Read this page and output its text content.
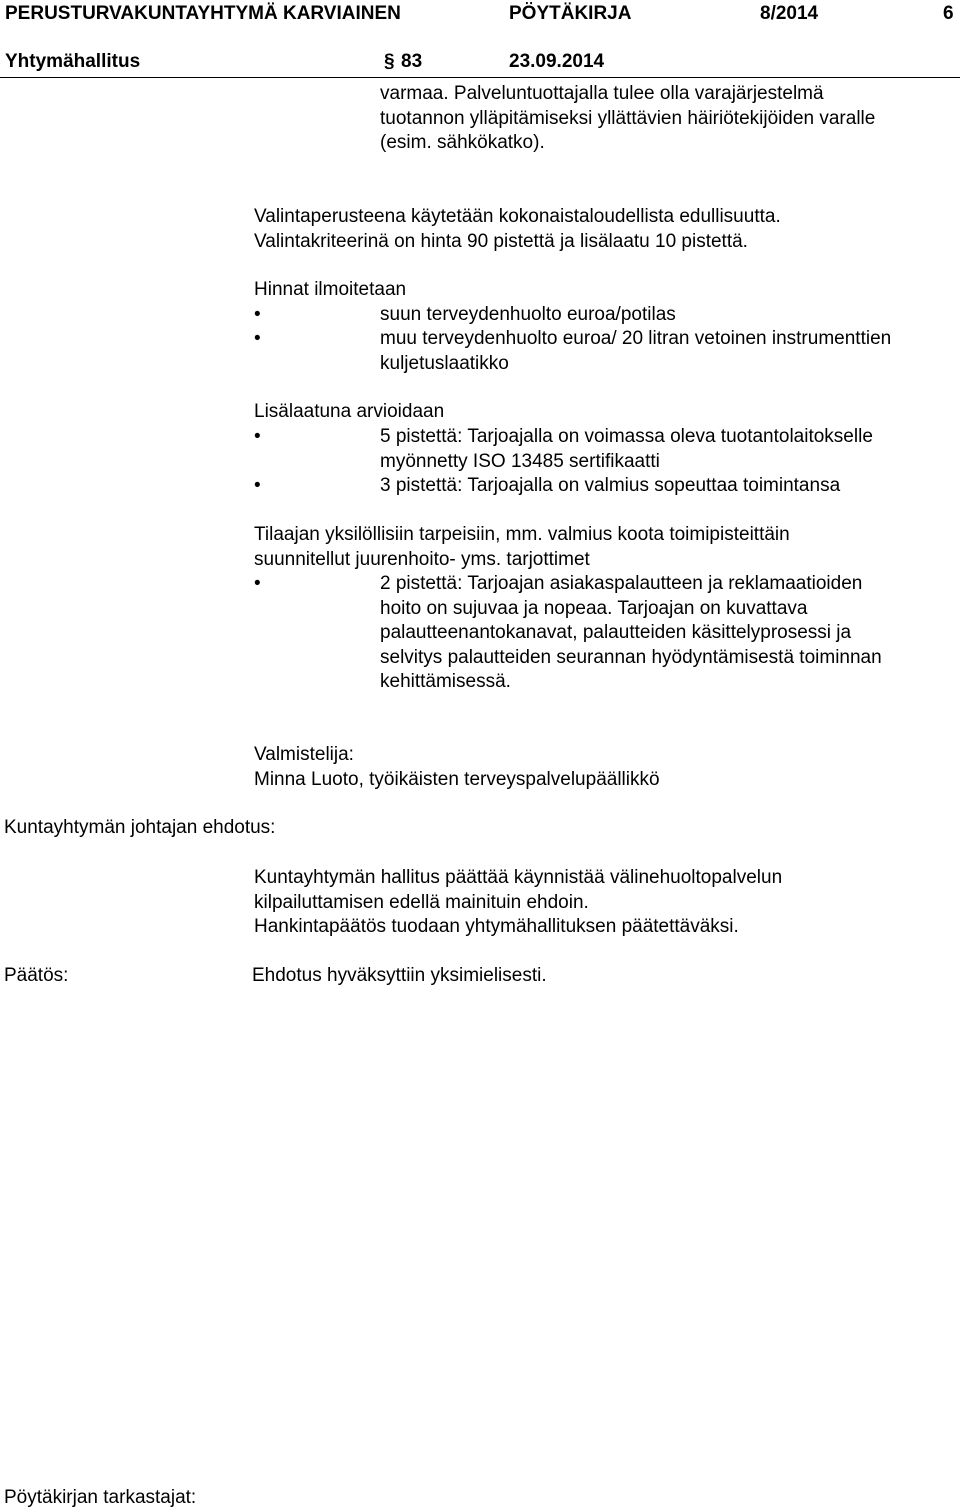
PERUSTURVAKUNTAYHTYMÄ KARVIAINEN	PÖYTÄKIRJA	8/2014	6
Yhtymähallitus	§ 83	23.09.2014
varmaa. Palveluntuottajalla tulee olla varajärjestelmä
tuotannon ylläpitämiseksi yllättävien häiriötekijöiden varalle
(esim. sähkökatko).
Valintaperusteena käytetään kokonaistaloudellista edullisuutta.
Valintakriteerinä on hinta 90 pistettä ja lisälaatu 10 pistettä.
Hinnat ilmoitetaan
•	suun terveydenhuolto euroa/potilas
•	muu terveydenhuolto euroa/ 20 litran vetoinen instrumenttien
kuljetuslaatikko
Lisälaatuna arvioidaan
•	5 pistettä: Tarjoajalla on voimassa oleva tuotantolaitokselle
myönnetty ISO 13485 sertifikaatti
•	3 pistettä: Tarjoajalla on valmius sopeuttaa toimintansa
Tilaajan yksilöllisiin tarpeisiin, mm. valmius koota toimipisteittäin
suunnitellut juurenhoito- yms. tarjottimet
•	2 pistettä: Tarjoajan asiakaspalautteen ja reklamaatioiden
hoito on sujuvaa ja nopeaa. Tarjoajan on kuvattava
palautteenantokanavat, palautteiden käsittelyprosessi ja
selvitys palautteiden seurannan hyödyntämisestä toiminnan
kehittämisessä.
Valmistelija:
Minna Luoto, työikäisten terveyspalvelupäällikkö
Kuntayhtymän johtajan ehdotus:
Kuntayhtymän hallitus päättää käynnistää välinehuoltopalvelun
kilpailuttamisen edellä mainituin ehdoin.
Hankintapäätös tuodaan yhtymähallituksen päätettäväksi.
Päätös:	Ehdotus hyväksyttiin yksimielisesti.
Pöytäkirjan tarkastajat:
